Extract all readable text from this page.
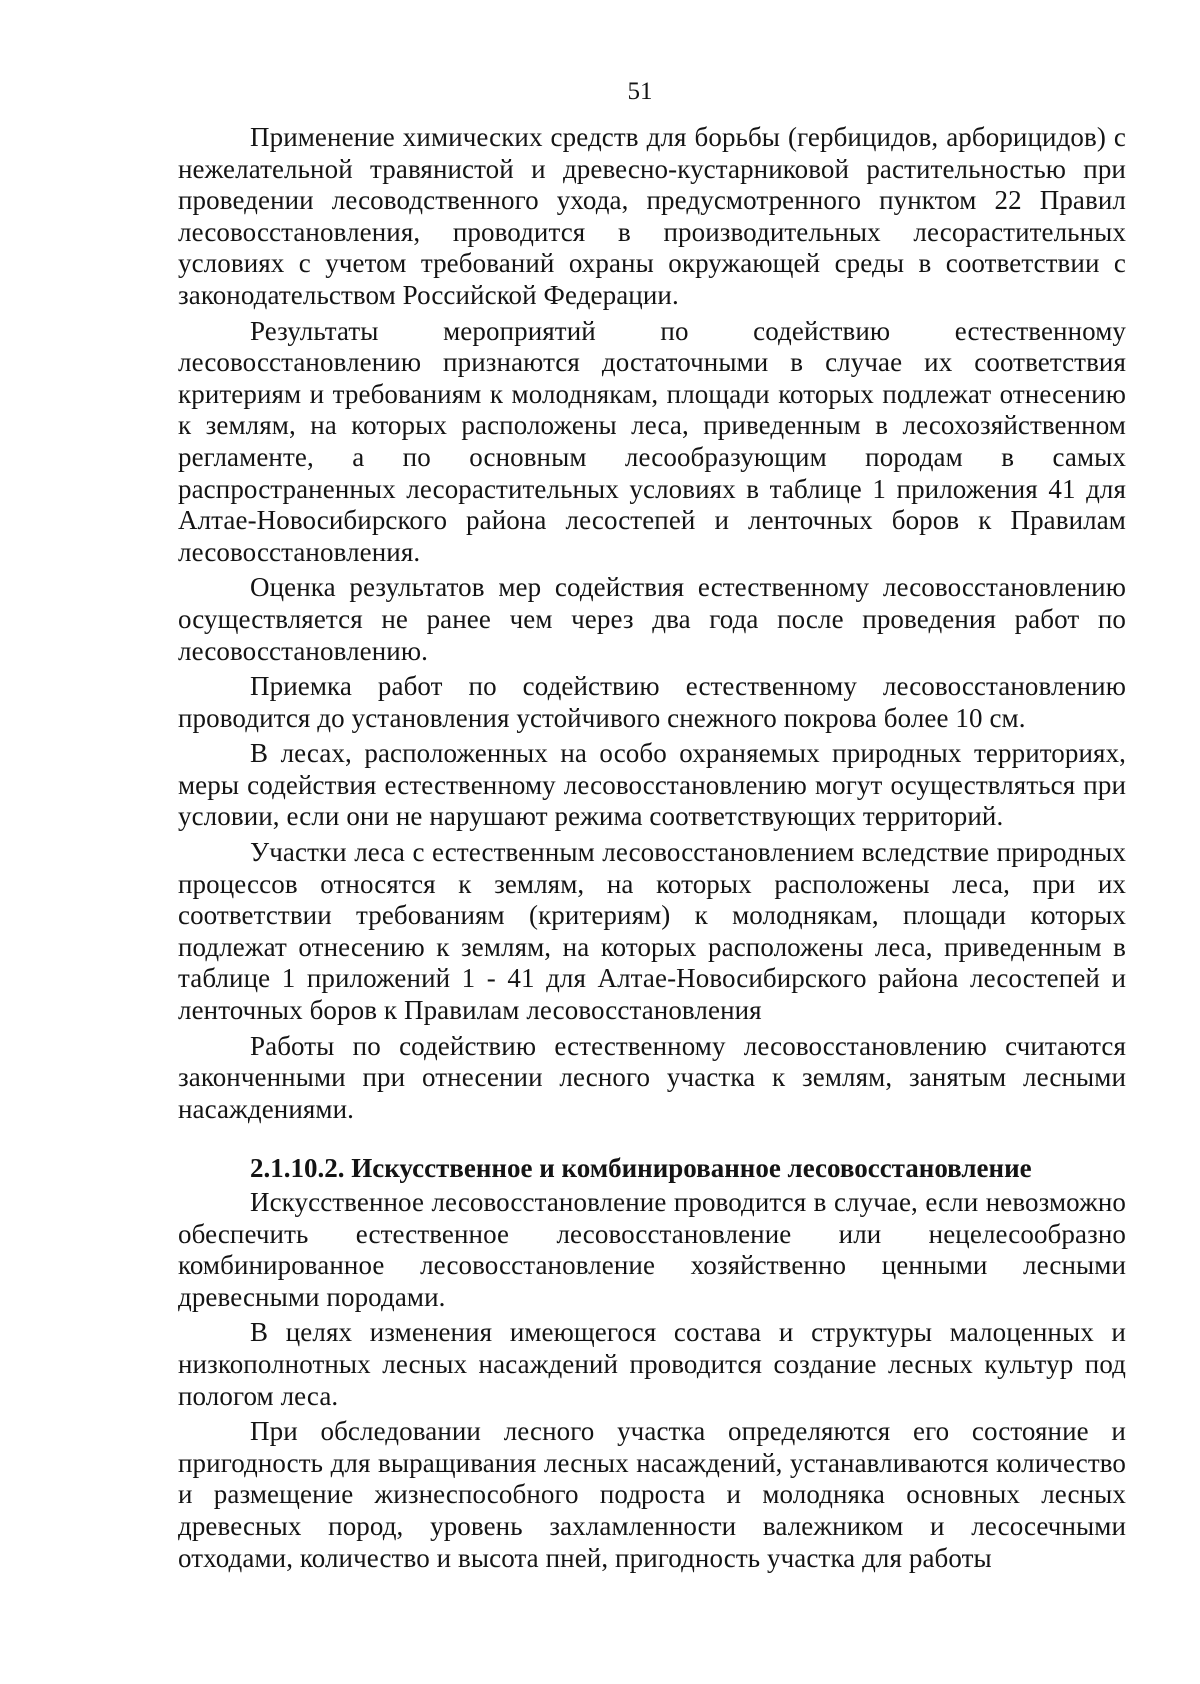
51

Применение химических средств для борьбы (гербицидов, арборицидов) с нежелательной травянистой и древесно-кустарниковой растительностью при проведении лесоводственного ухода, предусмотренного пунктом 22 Правил лесовосстановления, проводится в производительных лесорастительных условиях с учетом требований охраны окружающей среды в соответствии с законодательством Российской Федерации.

Результаты мероприятий по содействию естественному лесовосстановлению признаются достаточными в случае их соответствия критериям и требованиям к молоднякам, площади которых подлежат отнесению к землям, на которых расположены леса, приведенным в лесохозяйственном регламенте, а по основным лесообразующим породам в самых распространенных лесорастительных условиях в таблице 1 приложения 41 для Алтае-Новосибирского района лесостепей и ленточных боров к Правилам лесовосстановления.

Оценка результатов мер содействия естественному лесовосстановлению осуществляется не ранее чем через два года после проведения работ по лесовосстановлению.

Приемка работ по содействию естественному лесовосстановлению проводится до установления устойчивого снежного покрова более 10 см.

В лесах, расположенных на особо охраняемых природных территориях, меры содействия естественному лесовосстановлению могут осуществляться при условии, если они не нарушают режима соответствующих территорий.

Участки леса с естественным лесовосстановлением вследствие природных процессов относятся к землям, на которых расположены леса, при их соответствии требованиям (критериям) к молоднякам, площади которых подлежат отнесению к землям, на которых расположены леса, приведенным в таблице 1 приложений 1 - 41 для Алтае-Новосибирского района лесостепей и ленточных боров к Правилам лесовосстановления

Работы по содействию естественному лесовосстановлению считаются законченными при отнесении лесного участка к землям, занятым лесными насаждениями.

2.1.10.2. Искусственное и комбинированное лесовосстановление

Искусственное лесовосстановление проводится в случае, если невозможно обеспечить естественное лесовосстановление или нецелесообразно комбинированное лесовосстановление хозяйственно ценными лесными древесными породами.

В целях изменения имеющегося состава и структуры малоценных и низкополнотных лесных насаждений проводится создание лесных культур под пологом леса.

При обследовании лесного участка определяются его состояние и пригодность для выращивания лесных насаждений, устанавливаются количество и размещение жизнеспособного подроста и молодняка основных лесных древесных пород, уровень захламленности валежником и лесосечными отходами, количество и высота пней, пригодность участка для работы
